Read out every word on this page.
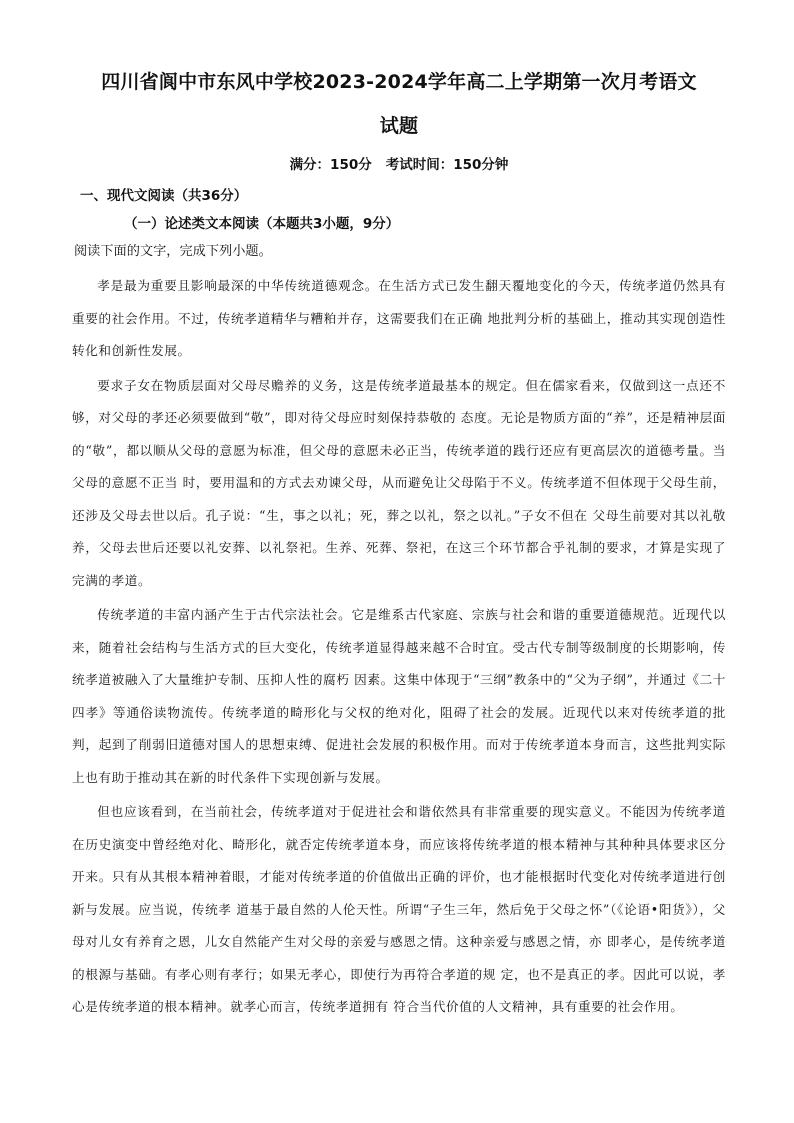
四川省阆中市东风中学校2023-2024学年高二上学期第一次月考语文
试题
满分：150分 考试时间：150分钟
一、现代文阅读（共36分）
（一）论述类文本阅读（本题共3小题，9分）
阅读下面的文字，完成下列小题。

孝是最为重要且影响最深的中华传统道德观念。在生活方式已发生翻天覆地变化的今天，传统孝道仍然具有重要的社会作用。不过，传统孝道精华与糟粕并存，这需要我们在正确 地批判分析的基础上，推动其实现创造性转化和创新性发展。

要求子女在物质层面对父母尽赡养的义务，这是传统孝道最基本的规定。但在儒家看来，仅做到这一点还不够，对父母的孝还必须要做到“敬”，即对待父母应时刻保持恭敬的 态度。无论是物质方面的“养”，还是精神层面的“敬”，都以顺从父母的意愿为标准，但父母的意愿未必正当，传统孝道的践行还应有更高层次的道德考量。当父母的意愿不正当 时，要用温和的方式去劝谏父母，从而避免让父母陷于不义。传统孝道不但体现于父母生前，还涉及父母去世以后。孔子说：“生，事之以礼；死，葬之以礼，祭之以礼。”子女不但在 父母生前要对其以礼敬养，父母去世后还要以礼安葬、以礼祭祀。生养、死葬、祭祀，在这三个环节都合乎礼制的要求，才算是实现了完满的孝道。

传统孝道的丰富内涵产生于古代宗法社会。它是维系古代家庭、宗族与社会和谐的重要道德规范。近现代以来，随着社会结构与生活方式的巨大变化，传统孝道显得越来越不合时宜。受古代专制等级制度的长期影响，传统孝道被融入了大量维护专制、压抑人性的腐朽 因素。这集中体现于“三纲”教条中的“父为子纲”，并通过《二十四孝》等通俗读物流传。传统孝道的畸形化与父权的绝对化，阻碍了社会的发展。近现代以来对传统孝道的批判，起到了削弱旧道德对国人的思想束缚、促进社会发展的积极作用。而对于传统孝道本身而言，这些批判实际上也有助于推动其在新的时代条件下实现创新与发展。

但也应该看到，在当前社会，传统孝道对于促进社会和谐依然具有非常重要的现实意义。不能因为传统孝道在历史演变中曾经绝对化、畸形化，就否定传统孝道本身，而应该将传统孝道的根本精神与其种种具体要求区分开来。只有从其根本精神着眼，才能对传统孝道的价值做出正确的评价，也才能根据时代变化对传统孝道进行创新与发展。应当说，传统孝 道基于最自然的人伦天性。所谓“子生三年，然后免于父母之怀”（《论语•阳货》），父母对儿女有养育之恩，儿女自然能产生对父母的亲爱与感恩之情。这种亲爱与感恩之情，亦 即孝心，是传统孝道的根源与基础。有孝心则有孝行；如果无孝心，即使行为再符合孝道的规 定，也不是真正的孝。因此可以说，孝心是传统孝道的根本精神。就孝心而言，传统孝道拥有 符合当代价值的人文精神，具有重要的社会作用。
